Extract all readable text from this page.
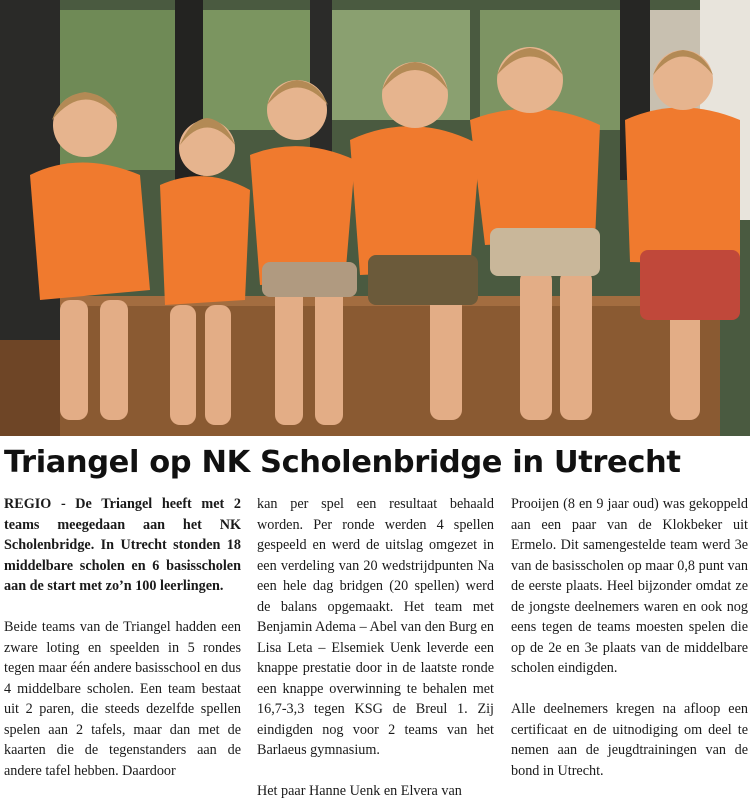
Triangel op NK Scholenbridge in Utrecht

REGIO - De Triangel heeft met 2 teams meegedaan aan het NK Scholenbridge. In Utrecht stonden 18 middelbare scholen en 6 basisscholen aan de start met zo’n 100 leerlingen.

Beide teams van de Triangel hadden een zware loting en speelden in 5 rondes tegen maar één andere basisschool en dus 4 middelbare scholen. Een team bestaat uit 2 paren, die steeds dezelfde spellen spelen aan 2 tafels, maar dan met de kaarten die de tegenstanders aan de andere tafel hebben. Daardoor

kan per spel een resultaat behaald worden. Per ronde werden 4 spellen gespeeld en werd de uitslag omgezet in een verdeling van 20 wedstrijdpunten Na een hele dag bridgen (20 spellen) werd de balans opgemaakt. Het team met Benjamin Adema – Abel van den Burg en Lisa Leta – Elsemiek Uenk leverde een knappe prestatie door in de laatste ronde een knappe overwinning te behalen met 16,7-3,3 tegen KSG de Breul 1. Zij eindigden nog voor 2 teams van het Barlaeus gymnasium.

Het paar Hanne Uenk en Elvera van

Prooijen (8 en 9 jaar oud) was gekoppeld aan een paar van de Klokbeker uit Ermelo. Dit samengestelde team werd 3e van de basisscholen op maar 0,8 punt van de eerste plaats. Heel bijzonder omdat ze de jongste deelnemers waren en ook nog eens tegen de teams moesten spelen die op de 2e en 3e plaats van de middelbare scholen eindigden.

Alle deelnemers kregen na afloop een certificaat en de uitnodiging om deel te nemen aan de jeugdtrainingen van de bond in Utrecht.
